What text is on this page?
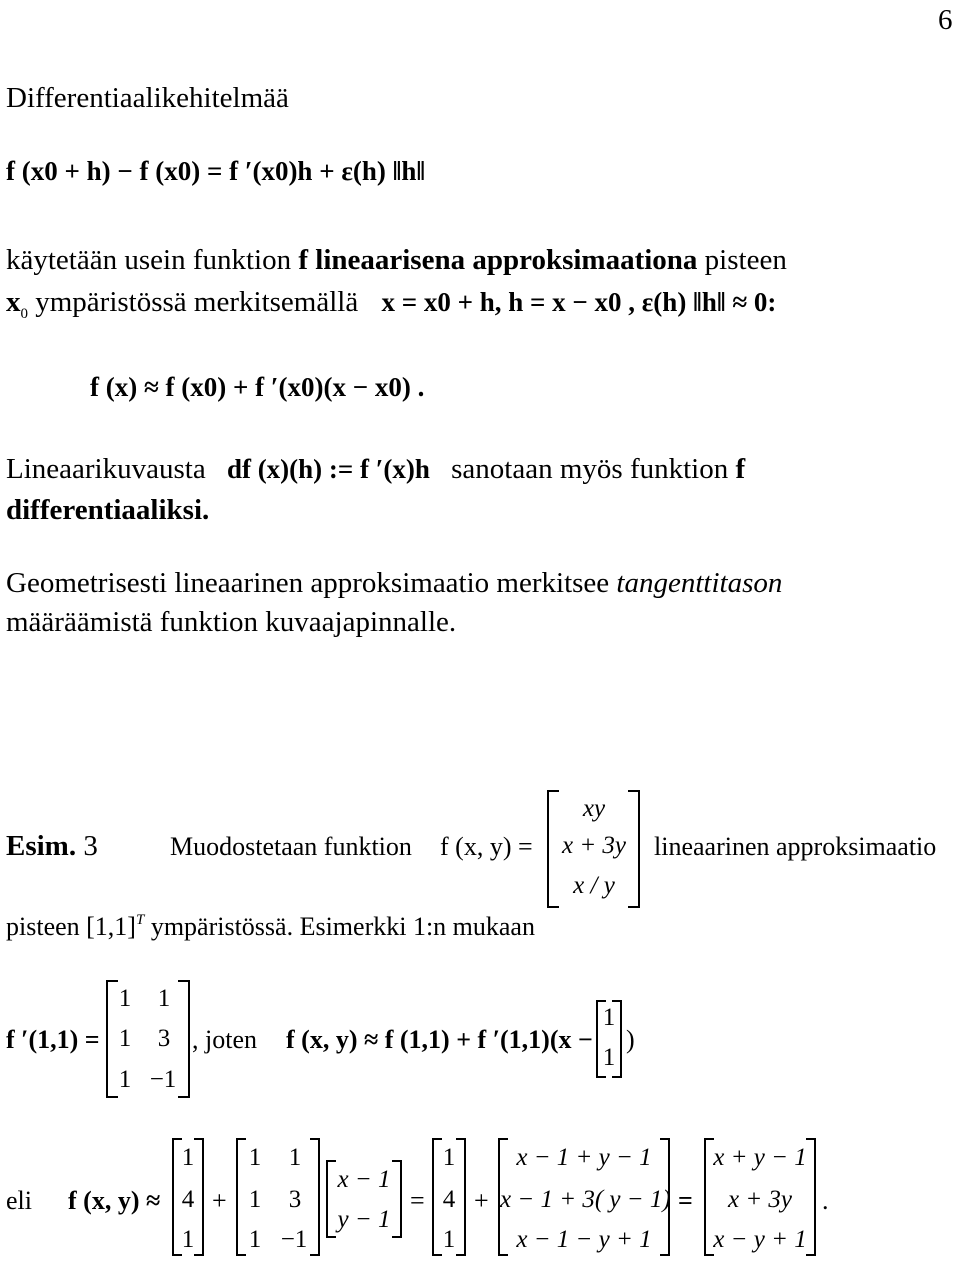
6
Differentiaalikehitelmää
f (x0 + h) − f (x0) = f ′(x0)h + ε(h) ‖h‖
käytetään usein funktion f lineaarisena approksimaationa pisteen
$x_0$ ympäristössä merkitsemällä x = x0 + h, h = x − x0 , ε(h) ‖h‖ ≈ 0:
f (x) ≈ f (x0) + f ′(x0)(x − x0) .
Lineaarikuvausta df (x)(h) := f ′(x)h sanotaan myös funktion f
differentiaaliksi.
Geometrisesti lineaarinen approksimaatio merkitsee tangenttitason
määräämistä funktion kuvaajapinnalle.
Esim. 3	Muodostetaan funktion f (x, y) =
xy
x + 3y
x / y
lineaarinen approksimaatio
pisteen $[1,1]^T$ ympäristössä. Esimerkki 1:n mukaan
f ′(1,1) =
1	1
1	3
1 −1
, joten f (x, y) ≈ f (1,1) + f ′(1,1)(x −
1
1
)
eli f (x, y) ≈
1
4
1
+
1	1
1	3
1 −1
x − 1
y − 1
=
1
4
1
+
x − 1 + y − 1
x − 1 + 3( y − 1)
x − 1 − y + 1
=
x + y − 1
x + 3y
x − y + 1
.
